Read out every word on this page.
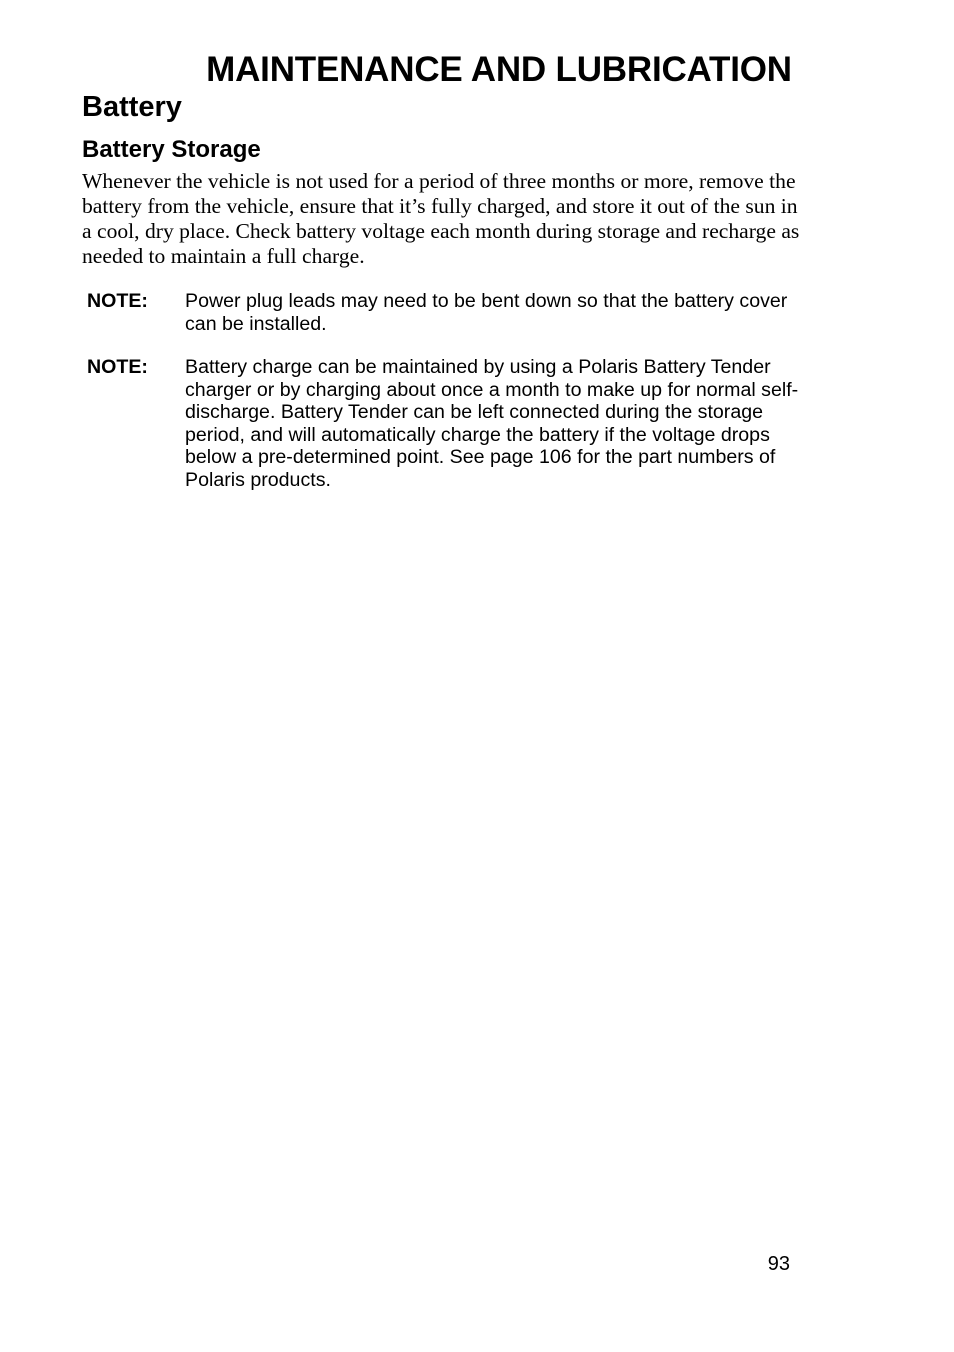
MAINTENANCE AND LUBRICATION
Battery
Battery Storage

Whenever the vehicle is not used for a period of three months or more, remove the battery from the vehicle, ensure that it’s fully charged, and store it out of the sun in a cool, dry place. Check battery voltage each month during storage and recharge as needed to maintain a full charge.

NOTE: Power plug leads may need to be bent down so that the battery cover can be installed.
NOTE: Battery charge can be maintained by using a Polaris Battery Tender charger or by charging about once a month to make up for normal self-discharge. Battery Tender can be left connected during the storage period, and will automatically charge the battery if the voltage drops below a pre-determined point. See page 106 for the part numbers of Polaris products.
93
